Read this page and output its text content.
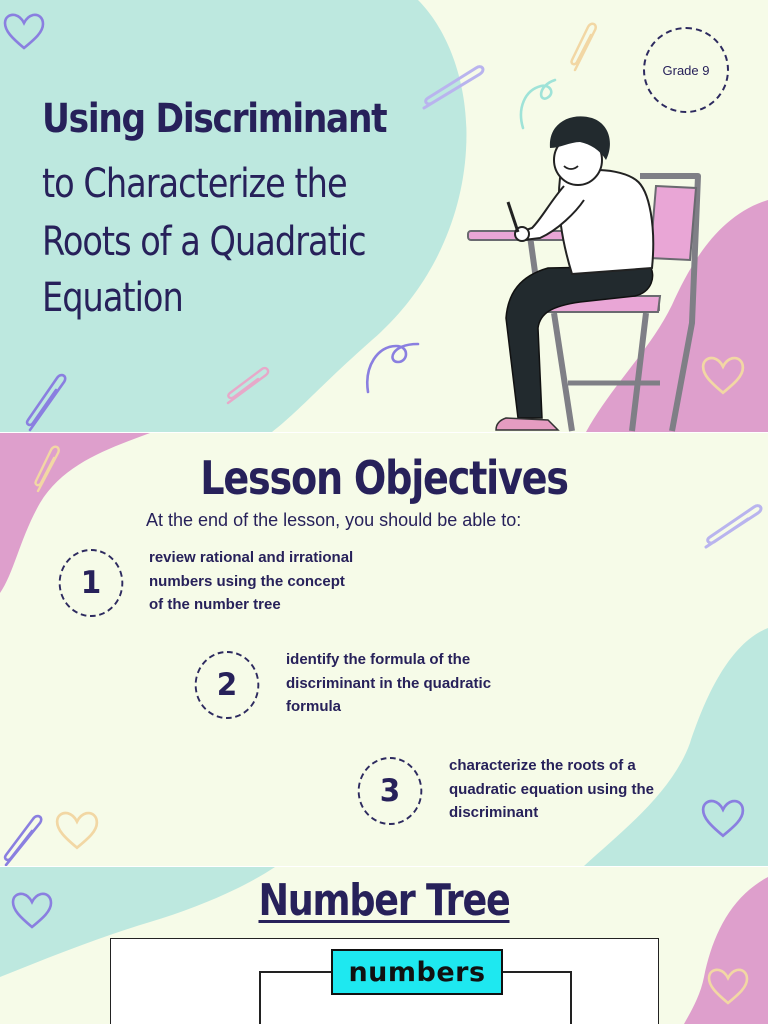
Using Discriminant
to Characterize the
Roots of a Quadratic
Equation
Grade 9
Lesson Objectives

At the end of the lesson, you should be able to:

1

review rational and irrational
numbers using the concept
of the number tree

2

identify the formula of the
discriminant in the quadratic
formula

3

characterize the roots of a
quadratic equation using the
discriminant

Number Tree
numbers
